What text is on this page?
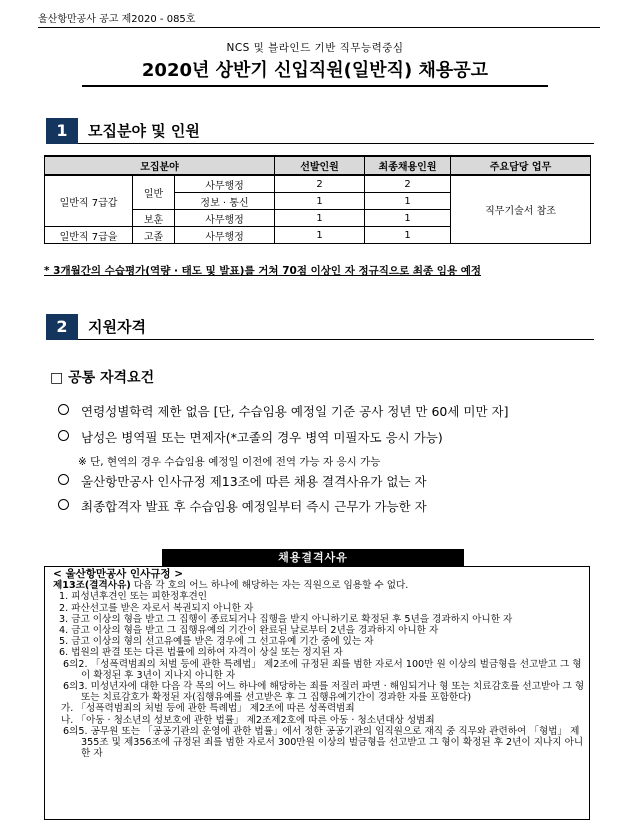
울산항만공사 공고 제2020 - 085호
NCS 및 블라인드 기반 직무능력중심
2020년 상반기 신입직원(일반직) 채용공고
1	모집분야 및 인원
모집분야			선발인원	최종채용인원	주요담당 업무
일반직 7급갑	일반	사무행정	2	2	직무기술서 참조
		정보 · 통신	1	1	
	보훈	사무행정	1	1	
일반직 7급을	고졸	사무행정	1	1	
* 3개월간의 수습평가(역량 · 태도 및 발표)를 거쳐 70점 이상인 자 정규직으로 최종 임용 예정
2	지원자격
□ 공통 자격요건
연령성별학력 제한 없음 [단, 수습임용 예정일 기준 공사 정년 만 60세 미만 자]
남성은 병역필 또는 면제자(*고졸의 경우 병역 미필자도 응시 가능)
※ 단, 현역의 경우 수습임용 예정일 이전에 전역 가능 자 응시 가능
울산항만공사 인사규정 제13조에 따른 채용 결격사유가 없는 자
최종합격자 발표 후 수습임용 예정일부터 즉시 근무가 가능한 자
채용결격사유

< 울산항만공사 인사규정 >

제13조(결격사유) 다음 각 호의 어느 하나에 해당하는 자는 직원으로 임용할 수 없다.

1. 피성년후견인 또는 피한정후견인

2. 파산선고를 받은 자로서 복권되지 아니한 자

3. 금고 이상의 형을 받고 그 집행이 종료되거나 집행을 받지 아니하기로 확정된 후 5년을 경과하지 아니한 자

4. 금고 이상의 형을 받고 그 집행유예의 기간이 완료된 날로부터 2년을 경과하지 아니한 자

5. 금고 이상의 형의 선고유예를 받은 경우에 그 선고유예 기간 중에 있는 자

6. 법원의 판결 또는 다른 법률에 의하여 자격이 상실 또는 정지된 자

6의2. 「성폭력범죄의 처벌 등에 관한 특례법」 제2조에 규정된 죄를 범한 자로서 100만 원 이상의 벌금형을 선고받고 그 형이 확정된 후 3년이 지나지 아니한 자

6의3. 미성년자에 대한 다음 각 목의 어느 하나에 해당하는 죄를 저질러 파면 · 해임되거나 형 또는 치료감호를 선고받아 그 형 또는 치료감호가 확정된 자(집행유예를 선고받은 후 그 집행유예기간이 경과한 자를 포함한다)

가. 「성폭력범죄의 처벌 등에 관한 특례법」 제2조에 따른 성폭력범죄

나. 「아동 · 청소년의 성보호에 관한 법률」 제2조제2호에 따른 아동 · 청소년대상 성범죄

6의5. 공무원 또는 「공공기관의 운영에 관한 법률」에서 정한 공공기관의 임직원으로 재직 중 직무와 관련하여 「형법」 제355조 및 제356조에 규정된 죄를 범한 자로서 300만원 이상의 벌금형을 선고받고 그 형이 확정된 후 2년이 지나지 아니한 자
